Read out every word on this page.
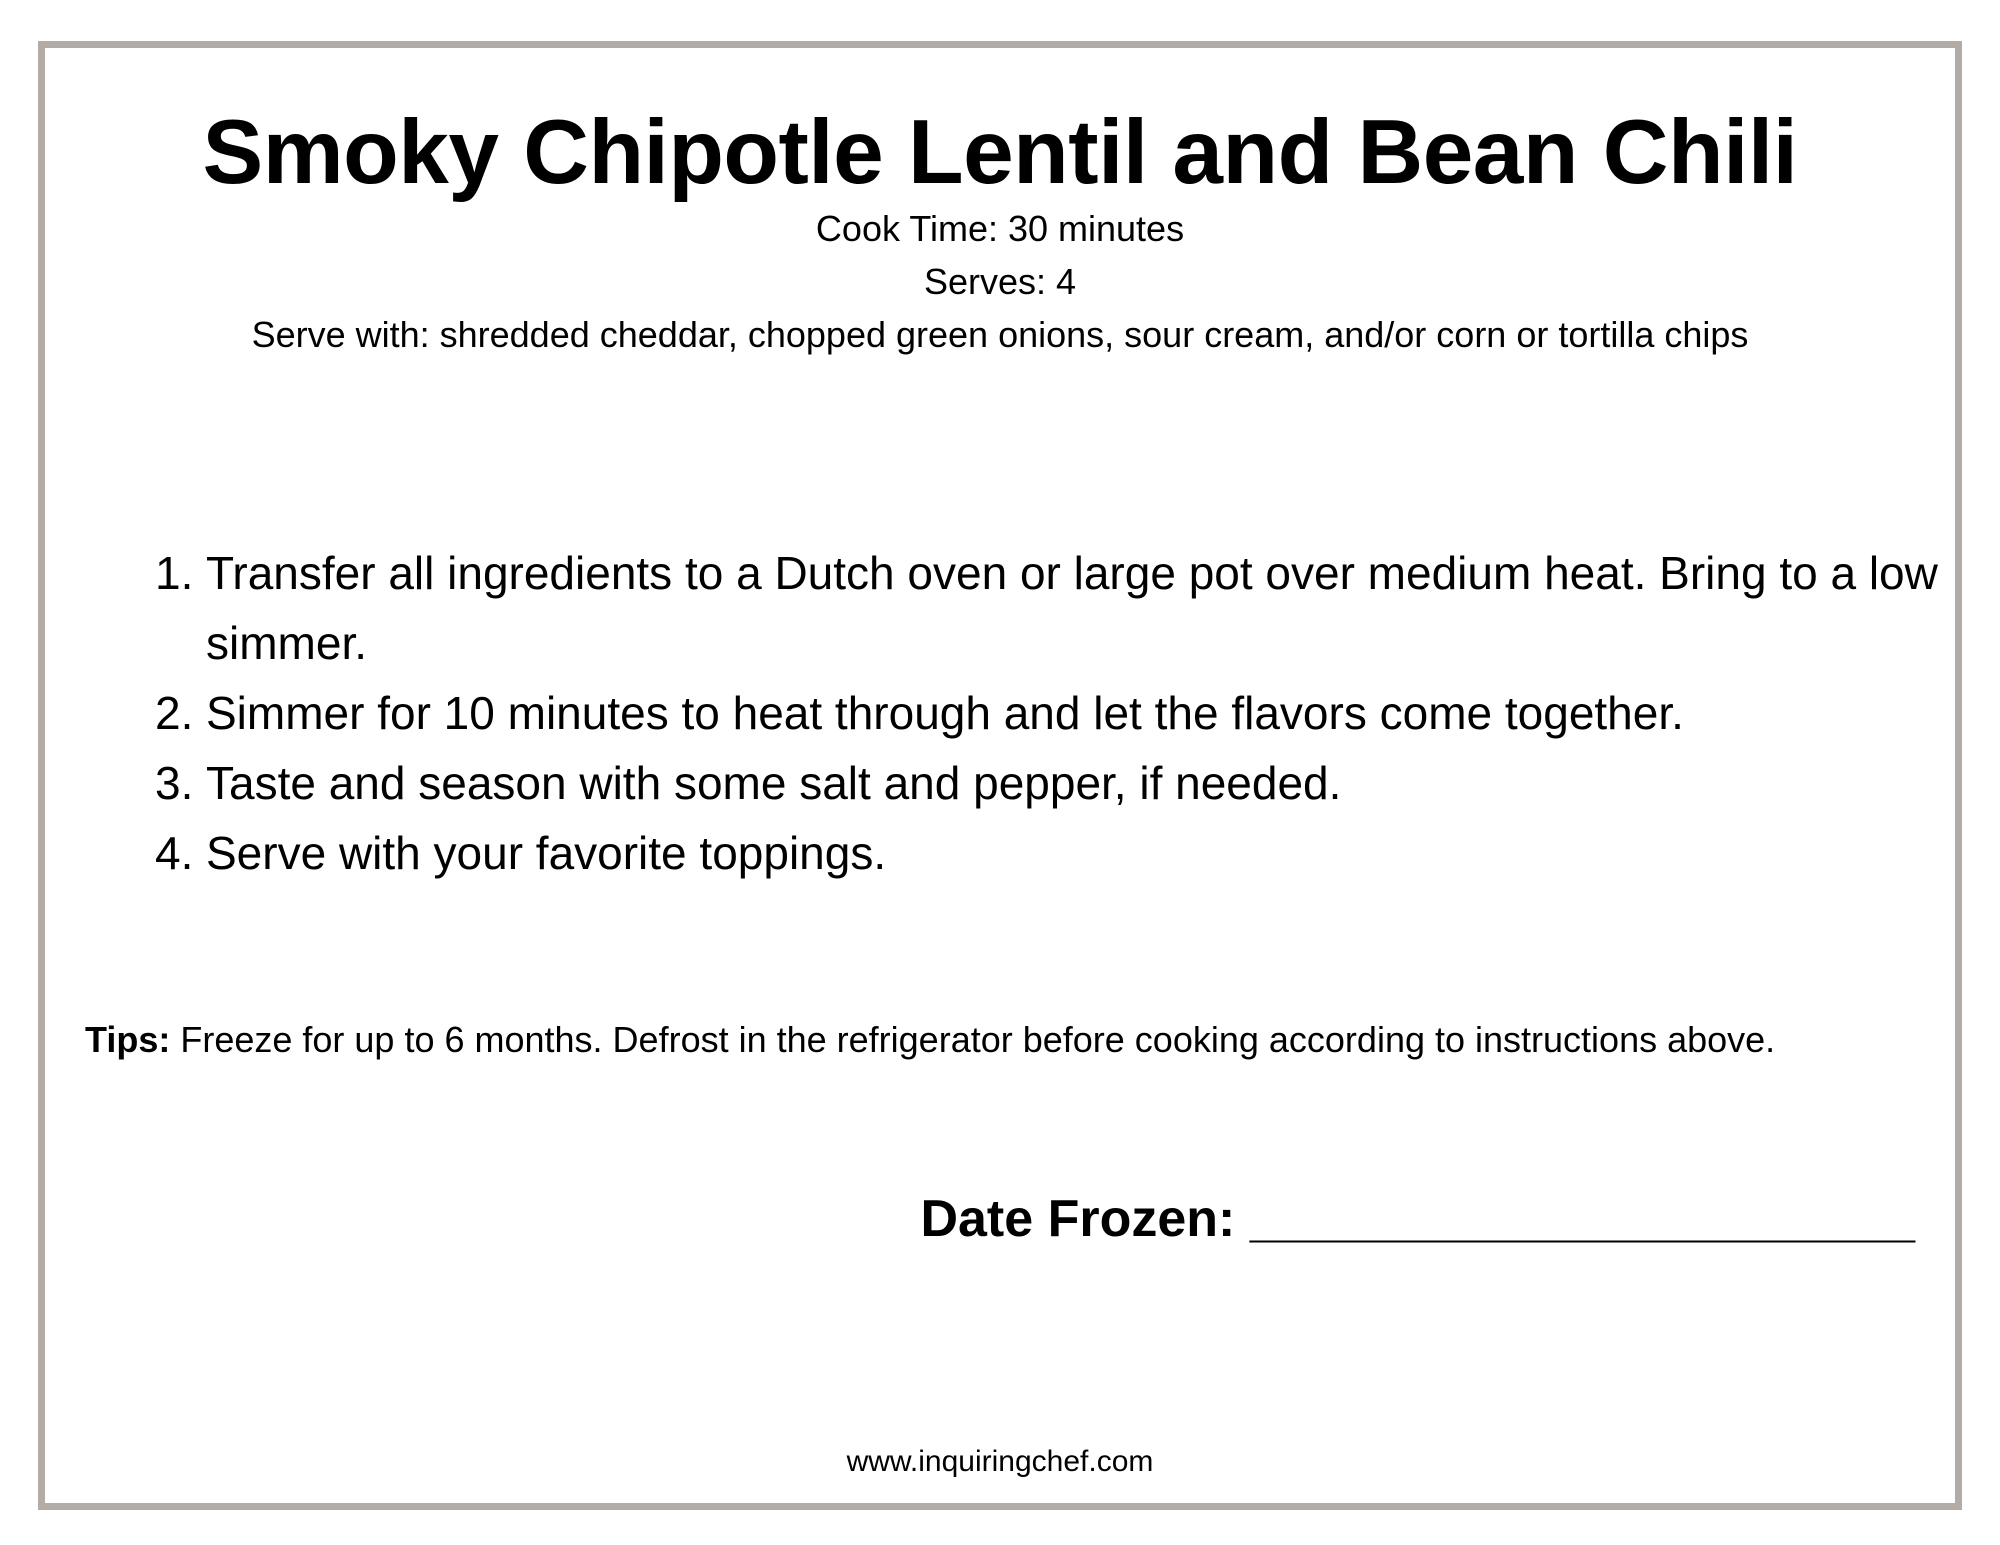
Smoky Chipotle Lentil and Bean Chili
Cook Time: 30 minutes
Serves: 4
Serve with: shredded cheddar, chopped green onions, sour cream, and/or corn or tortilla chips
1. Transfer all ingredients to a Dutch oven or large pot over medium heat. Bring to a low simmer.
2. Simmer for 10 minutes to heat through and let the flavors come together.
3. Taste and season with some salt and pepper, if needed.
4. Serve with your favorite toppings.
Tips: Freeze for up to 6 months. Defrost in the refrigerator before cooking according to instructions above.
Date Frozen: _______________________
www.inquiringchef.com
